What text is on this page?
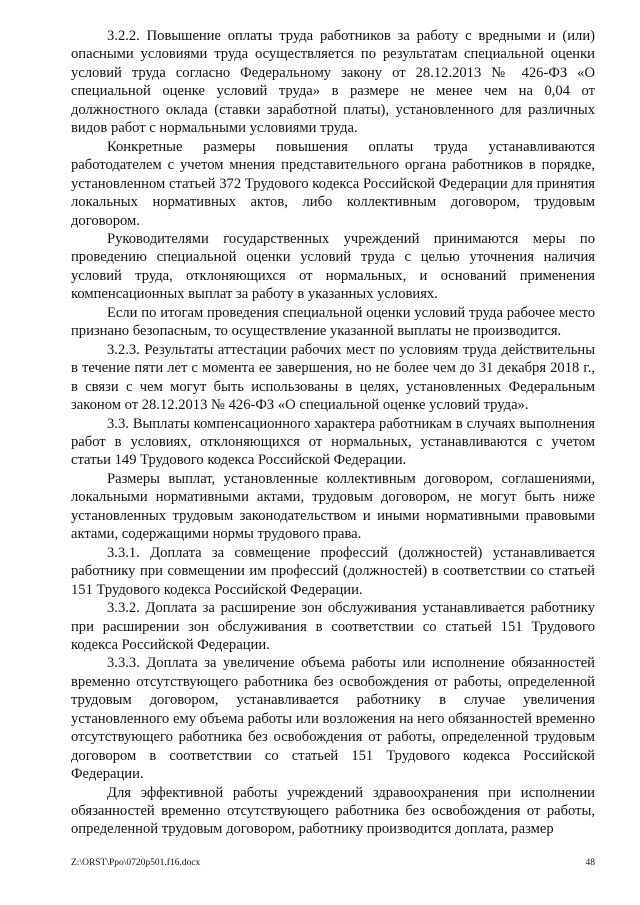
3.2.2. Повышение оплаты труда работников за работу с вредными и (или) опасными условиями труда осуществляется по результатам специальной оценки условий труда согласно Федеральному закону от 28.12.2013 № 426-ФЗ «О специальной оценке условий труда» в размере не менее чем на 0,04 от должностного оклада (ставки заработной платы), установленного для различных видов работ с нормальными условиями труда.

Конкретные размеры повышения оплаты труда устанавливаются работодателем с учетом мнения представительного органа работников в порядке, установленном статьей 372 Трудового кодекса Российской Федерации для принятия локальных нормативных актов, либо коллективным договором, трудовым договором.

Руководителями государственных учреждений принимаются меры по проведению специальной оценки условий труда с целью уточнения наличия условий труда, отклоняющихся от нормальных, и оснований применения компенсационных выплат за работу в указанных условиях.

Если по итогам проведения специальной оценки условий труда рабочее место признано безопасным, то осуществление указанной выплаты не производится.

3.2.3. Результаты аттестации рабочих мест по условиям труда действительны в течение пяти лет с момента ее завершения, но не более чем до 31 декабря 2018 г., в связи с чем могут быть использованы в целях, установленных Федеральным законом от 28.12.2013 № 426-ФЗ «О специальной оценке условий труда».

3.3. Выплаты компенсационного характера работникам в случаях выполнения работ в условиях, отклоняющихся от нормальных, устанавливаются с учетом статьи 149 Трудового кодекса Российской Федерации.

Размеры выплат, установленные коллективным договором, соглашениями, локальными нормативными актами, трудовым договором, не могут быть ниже установленных трудовым законодательством и иными нормативными правовыми актами, содержащими нормы трудового права.

3.3.1. Доплата за совмещение профессий (должностей) устанавливается работнику при совмещении им профессий (должностей) в соответствии со статьей 151 Трудового кодекса Российской Федерации.

3.3.2. Доплата за расширение зон обслуживания устанавливается работнику при расширении зон обслуживания в соответствии со статьей 151 Трудового кодекса Российской Федерации.

3.3.3. Доплата за увеличение объема работы или исполнение обязанностей временно отсутствующего работника без освобождения от работы, определенной трудовым договором, устанавливается работнику в случае увеличения установленного ему объема работы или возложения на него обязанностей временно отсутствующего работника без освобождения от работы, определенной трудовым договором в соответствии со статьей 151 Трудового кодекса Российской Федерации.

Для эффективной работы учреждений здравоохранения при исполнении обязанностей временно отсутствующего работника без освобождения от работы, определенной трудовым договором, работнику производится доплата, размер

Z:\ORST\Ppo\0720p501.f16.docx	48
